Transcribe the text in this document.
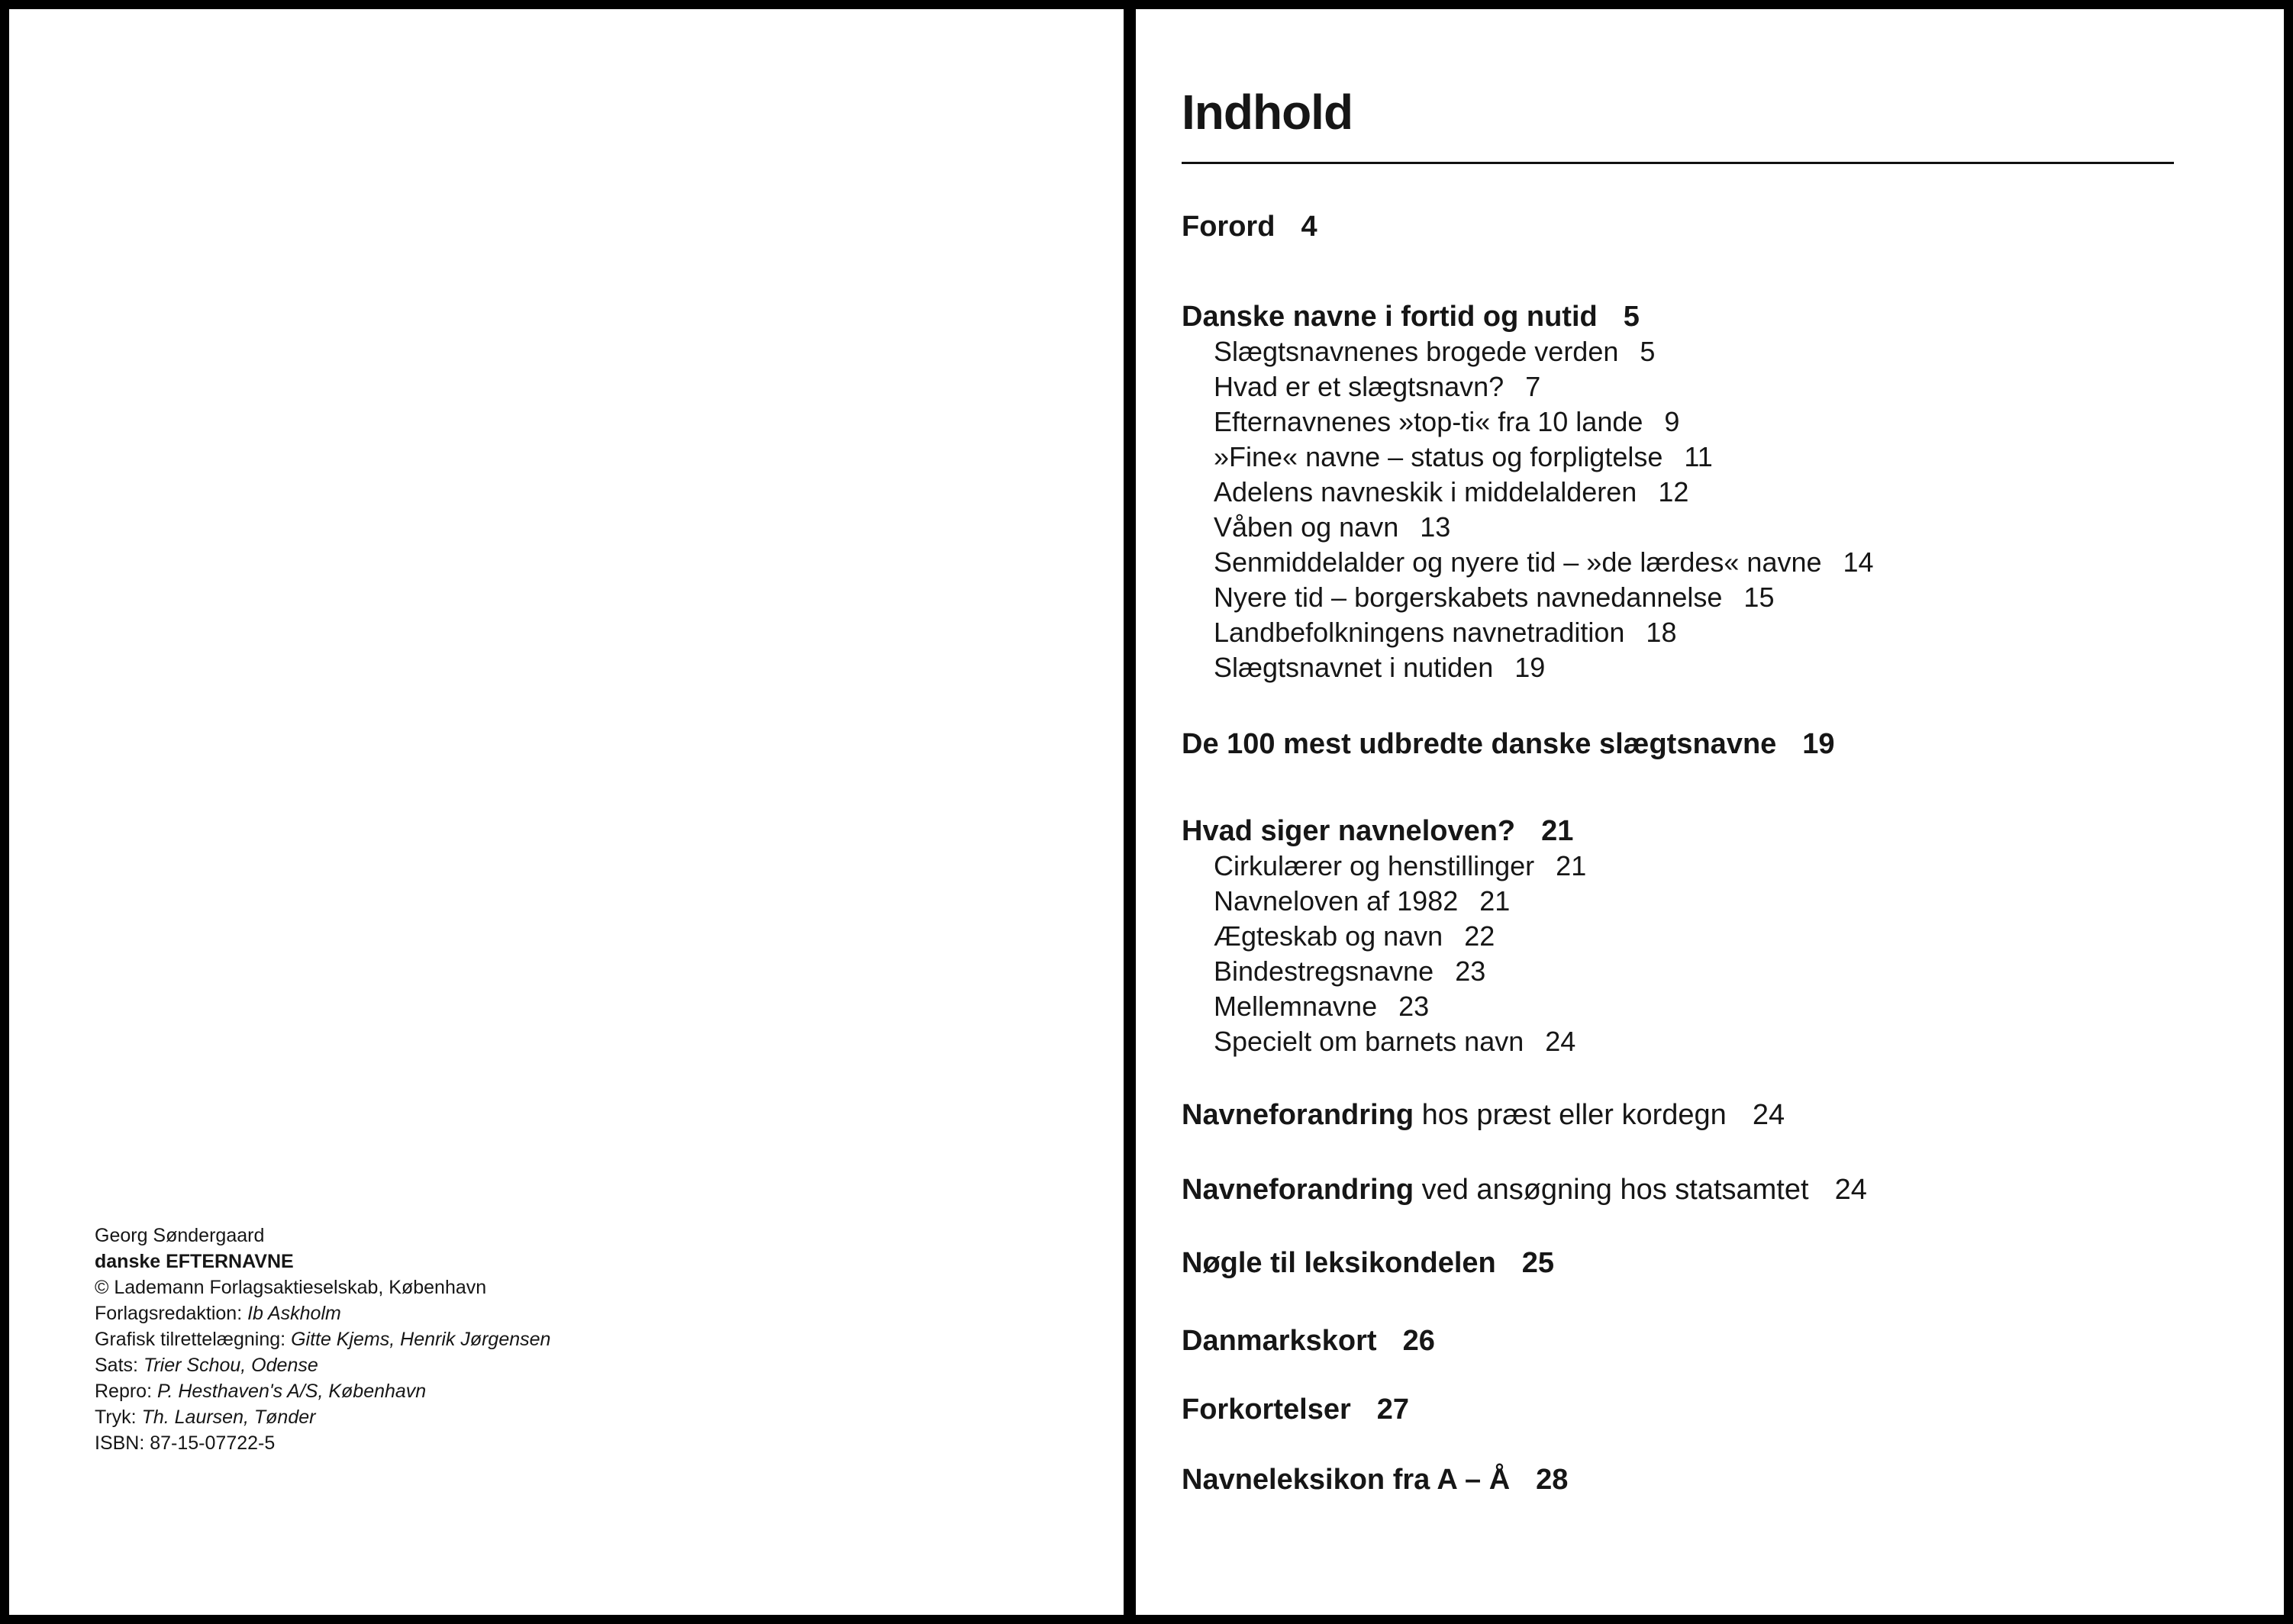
Georg Søndergaard
danske EFTERNAVNE
© Lademann Forlagsaktieselskab, København
Forlagsredaktion: Ib Askholm
Grafisk tilrettelægning: Gitte Kjems, Henrik Jørgensen
Sats: Trier Schou, Odense
Repro: P. Hesthaven's A/S, København
Tryk: Th. Laursen, Tønder
ISBN: 87-15-07722-5
Indhold
Forord 4
Danske navne i fortid og nutid 5
Slægtsnavnenes brogede verden 5
Hvad er et slægtsnavn? 7
Efternavnenes »top-ti« fra 10 lande 9
»Fine« navne – status og forpligtelse 11
Adelens navneskik i middelalderen 12
Våben og navn 13
Senmiddelalder og nyere tid – »de lærdes« navne 14
Nyere tid – borgerskabets navnedannelse 15
Landbefolkningens navnetradition 18
Slægtsnavnet i nutiden 19
De 100 mest udbredte danske slægtsnavne 19
Hvad siger navneloven? 21
Cirkulærer og henstillinger 21
Navneloven af 1982 21
Ægteskab og navn 22
Bindestregsnavne 23
Mellemnavne 23
Specielt om barnets navn 24
Navneforandring hos præst eller kordegn 24
Navneforandring ved ansøgning hos statsamtet 24
Nøgle til leksikondelen 25
Danmarkskort 26
Forkortelser 27
Navneleksikon fra A – Å 28
